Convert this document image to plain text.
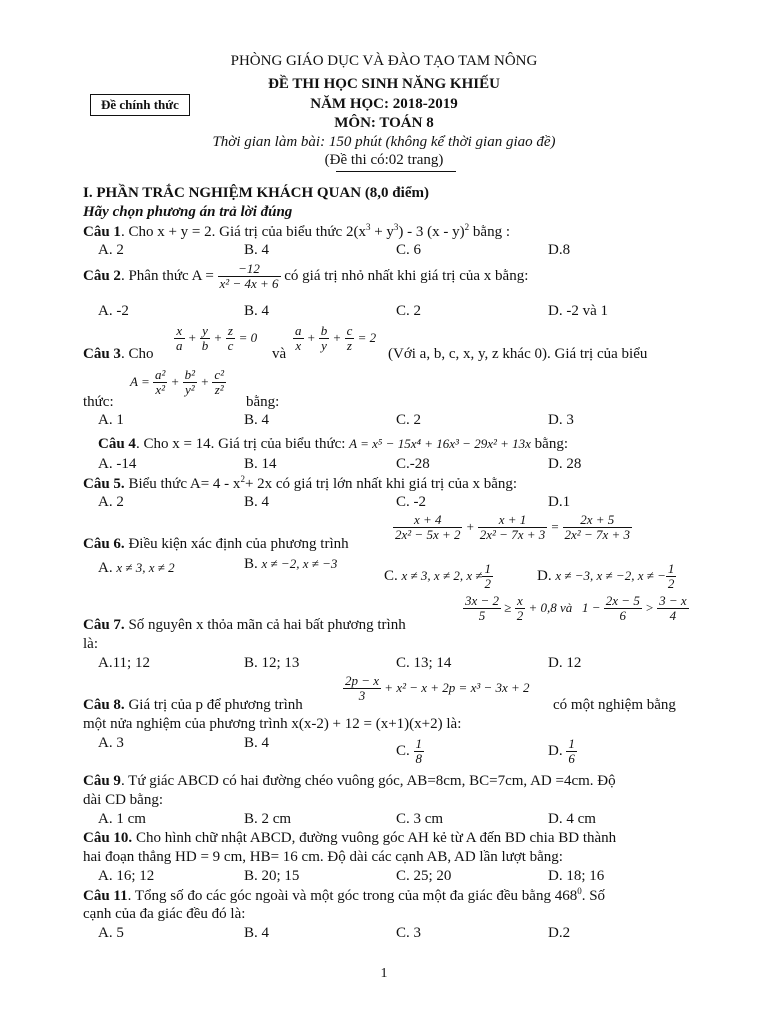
PHÒNG GIÁO DỤC VÀ ĐÀO TẠO TAM NÔNG
ĐỀ THI HỌC SINH NĂNG KHIẾU
Đề chính thức	NĂM HỌC: 2018-2019
MÔN: TOÁN 8
Thời gian làm bài: 150 phút (không kể thời gian giao đề)
(Đề thi có:02 trang)
I. PHẦN TRẮC NGHIỆM KHÁCH QUAN (8,0 điểm)
Hãy chọn phương án trả lời đúng
Câu 1. Cho x + y = 2. Giá trị của biểu thức $2(x^3 + y^3) - 3$ (x - y)$^2$ bằng :
A. 2	B. 4	C. 6	D.8
Câu 2. Phân thức $A = \frac{-12}{\text{x² − 4x + 6}}$ có giá trị nhỏ nhất khi giá trị của x bằng:
A. -2	B. 4	C. 2	D. -2 và 1
Câu 3. Cho
$\frac{x}{a} + \frac{y}{b} + \frac{z}{c} = 0$
và
$\frac{a}{x} + \frac{b}{y} + \frac{c}{z} = 2$
(Với a, b, c, x, y, z khác 0). Giá trị của biểu
$A = \frac{\text{a²}}{\text{x²}} + \frac{\text{b²}}{\text{y²}} + \frac{\text{c²}}{\text{z²}}$
thức:	bằng:
A. 1	B. 4	C. 2	D. 3
Câu 4. Cho x = 14. Giá trị của biểu thức: A = x⁵ − 15x⁴ + 16x³ − 29x² + 13x bằng:
A. -14	B. 14	C.-28	D. 28
Câu 5. Biểu thức $A= 4 - x^2+ 2x$ có giá trị lớn nhất khi giá trị của x bằng:
A. 2	B. 4	C. -2	D.1
Câu 6. Điều kiện xác định của phương trình
$\frac{x + 4}{\text{2x² − 5x + 2}} + \frac{x + 1}{\text{2x² − 7x + 3}} = \frac{2x + 5}{\text{2x² − 7x + 3}}$
A. x ≠ 3, x ≠ 2	B. x ≠ −2, x ≠ −3
C. x ≠ 3, x ≠ 2, $x \ne \frac{1}{2}$	D. x ≠ −3, x ≠ −2, x ≠ − $\frac{1}{2}$
Câu 7. Số nguyên x thỏa mãn cả hai bất phương trình
$\frac{3x - 2}{5} \ge \frac{x}{2} + 0,8$ và $1 - \frac{2x - 5}{6} > \frac{3 - x}{4}$
là:
A.11; 12	B. 12; 13	C. 13; 14	D. 12
Câu 8. Giá trị của p để phương trình
$\frac{2p - x}{3} + x^2 - x + 2p = x^3 - 3x + 2$
có một nghiệm bằng
một nửa nghiệm của phương trình x(x-2) + 12 = (x+1)(x+2) là:
A. 3	B. 4
C. $\frac{1}{8}$	D. $\frac{1}{6}$
Câu 9. Tứ giác ABCD có hai đường chéo vuông góc, AB=8cm, BC=7cm, AD =4cm. Độ
dài CD bằng:
A. 1 cm	B. 2 cm	C. 3 cm	D. 4 cm
Câu 10. Cho hình chữ nhật ABCD, đường vuông góc AH kẻ từ A đến BD chia BD thành
hai đoạn thẳng HD = 9 cm, HB= 16 cm. Độ dài các cạnh AB, AD lần lượt bằng:
A. 16; 12	B. 20; 15	C. 25; 20	D. 18; 16
Câu 11. Tổng số đo các góc ngoài và một góc trong của một đa giác đều bằng $468^0$. Số
cạnh của đa giác đều đó là:
A. 5	B. 4	C. 3	D.2
1
